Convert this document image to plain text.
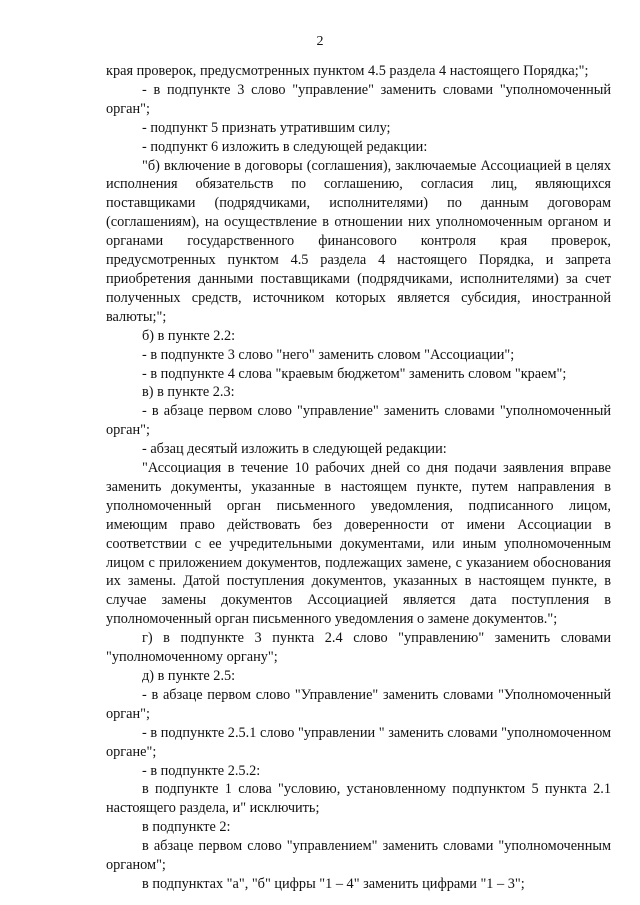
2

края проверок, предусмотренных пунктом 4.5 раздела 4 настоящего Порядка;";

- в подпункте 3 слово "управление" заменить словами "уполномоченный орган";

- подпункт 5 признать утратившим силу;

- подпункт 6 изложить в следующей редакции:

"б) включение в договоры (соглашения), заключаемые Ассоциацией в целях исполнения обязательств по соглашению, согласия лиц, являющихся поставщиками (подрядчиками, исполнителями) по данным договорам (соглашениям), на осуществление в отношении них уполномоченным органом и органами государственного финансового контроля края проверок, предусмотренных пунктом 4.5 раздела 4 настоящего Порядка, и запрета приобретения данными поставщиками (подрядчиками, исполнителями) за счет полученных средств, источником которых является субсидия, иностранной валюты;";

б) в пункте 2.2:

- в подпункте 3 слово "него" заменить словом "Ассоциации";

- в подпункте 4 слова "краевым бюджетом" заменить словом "краем";

в) в пункте 2.3:

- в абзаце первом слово "управление" заменить словами "уполномоченный орган";

- абзац десятый изложить в следующей редакции:

"Ассоциация в течение 10 рабочих дней со дня подачи заявления вправе заменить документы, указанные в настоящем пункте, путем направления в уполномоченный орган письменного уведомления, подписанного лицом, имеющим право действовать без доверенности от имени Ассоциации в соответствии с ее учредительными документами, или иным уполномоченным лицом с приложением документов, подлежащих замене, с указанием обоснования их замены. Датой поступления документов, указанных в настоящем пункте, в случае замены документов Ассоциацией является дата поступления в уполномоченный орган письменного уведомления о замене документов.";

г) в подпункте 3 пункта 2.4 слово "управлению" заменить словами "уполномоченному органу";

д) в пункте 2.5:

- в абзаце первом слово "Управление" заменить словами "Уполномоченный орган";

- в подпункте 2.5.1 слово "управлении " заменить словами "уполномоченном органе";

- в подпункте 2.5.2:

в подпункте 1 слова "условию, установленному подпунктом 5 пункта 2.1 настоящего раздела, и" исключить;

в подпункте 2:

в абзаце первом слово "управлением" заменить словами "уполномоченным органом";

в подпунктах "а", "б" цифры "1 – 4" заменить цифрами "1 – 3";
